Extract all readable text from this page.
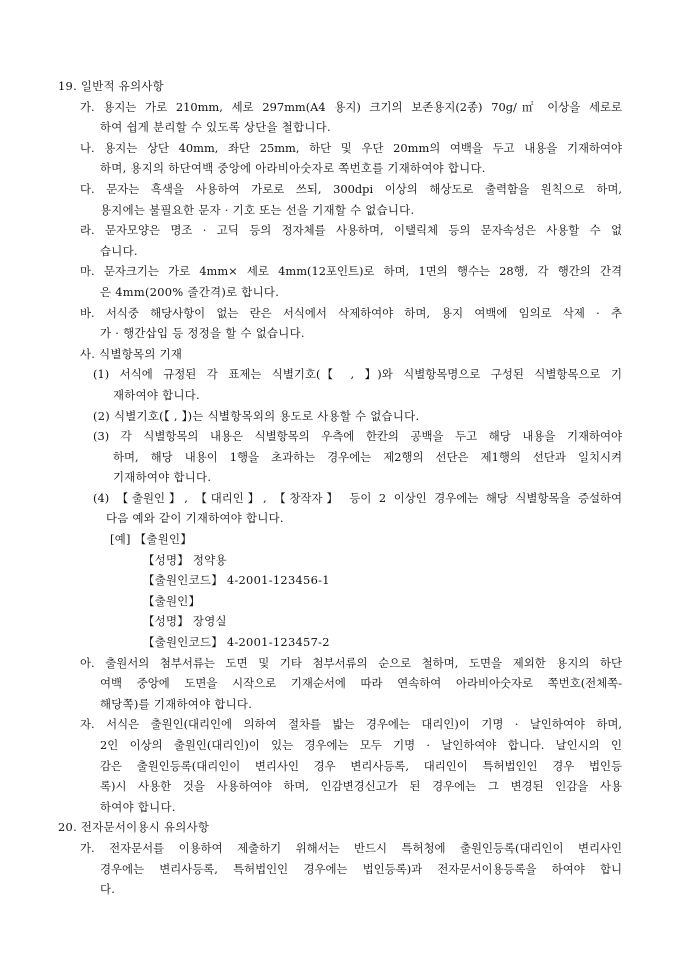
19. 일반적 유의사항
가. 용지는 가로 210mm, 세로 297mm(A4 용지) 크기의 보존용지(2종) 70g/㎡ 이상을 세로로
하여 쉽게 분리할 수 있도록 상단을 철합니다.
나. 용지는 상단 40mm, 좌단 25mm, 하단 및 우단 20mm의 여백을 두고 내용을 기재하여야
하며, 용지의 하단여백 중앙에 아라비아숫자로 쪽번호를 기재하여야 합니다.
다. 문자는 흑색을 사용하여 가로로 쓰되, 300dpi 이상의 해상도로 출력함을 원칙으로 하며,
용지에는 불필요한 문자 · 기호 또는 선을 기재할 수 없습니다.
라. 문자모양은 명조 · 고딕 등의 정자체를 사용하며, 이탤릭체 등의 문자속성은 사용할 수 없
습니다.
마. 문자크기는 가로 4mm× 세로 4mm(12포인트)로 하며, 1면의 행수는 28행, 각 행간의 간격
은 4mm(200% 줄간격)로 합니다.
바. 서식중 해당사항이 없는 란은 서식에서 삭제하여야 하며, 용지 여백에 임의로 삭제 · 추
가 · 행간삽입 등 정정을 할 수 없습니다.
사. 식별항목의 기재
(1) 서식에 규정된 각 표제는 식별기호(【 , 】)와 식별항목명으로 구성된 식별항목으로 기
재하여야 합니다.
(2) 식별기호(【 , 】)는 식별항목외의 용도로 사용할 수 없습니다.
(3) 각 식별항목의 내용은 식별항목의 우측에 한칸의 공백을 두고 해당 내용을 기재하여야
하며, 해당 내용이 1행을 초과하는 경우에는 제2행의 선단은 제1행의 선단과 일치시켜
기재하여야 합니다.
(4) 【출원인】, 【대리인】, 【창작자】 등이 2 이상인 경우에는 해당 식별항목을 증설하여
다음 예와 같이 기재하여야 합니다.
[예] 【출원인】
【성명】 정약용
【출원인코드】 4-2001-123456-1
【출원인】
【성명】 장영실
【출원인코드】 4-2001-123457-2
아. 출원서의 첨부서류는 도면 및 기타 첨부서류의 순으로 철하며, 도면을 제외한 용지의 하단
여백 중앙에 도면을 시작으로 기재순서에 따라 연속하여 아라비아숫자로 쪽번호(전체쪽-
해당쪽)를 기재하여야 합니다.
자. 서식은 출원인(대리인에 의하여 절차를 밟는 경우에는 대리인)이 기명 · 날인하여야 하며,
2인 이상의 출원인(대리인)이 있는 경우에는 모두 기명 · 날인하여야 합니다. 날인시의 인
감은 출원인등록(대리인이 변리사인 경우 변리사등록, 대리인이 특허법인인 경우 법인등
록)시 사용한 것을 사용하여야 하며, 인감변경신고가 된 경우에는 그 변경된 인감을 사용
하여야 합니다.
20. 전자문서이용시 유의사항
가. 전자문서를 이용하여 제출하기 위해서는 반드시 특허청에 출원인등록(대리인이 변리사인
경우에는 변리사등록, 특허법인인 경우에는 법인등록)과 전자문서이용등록을 하여야 합니
다.
